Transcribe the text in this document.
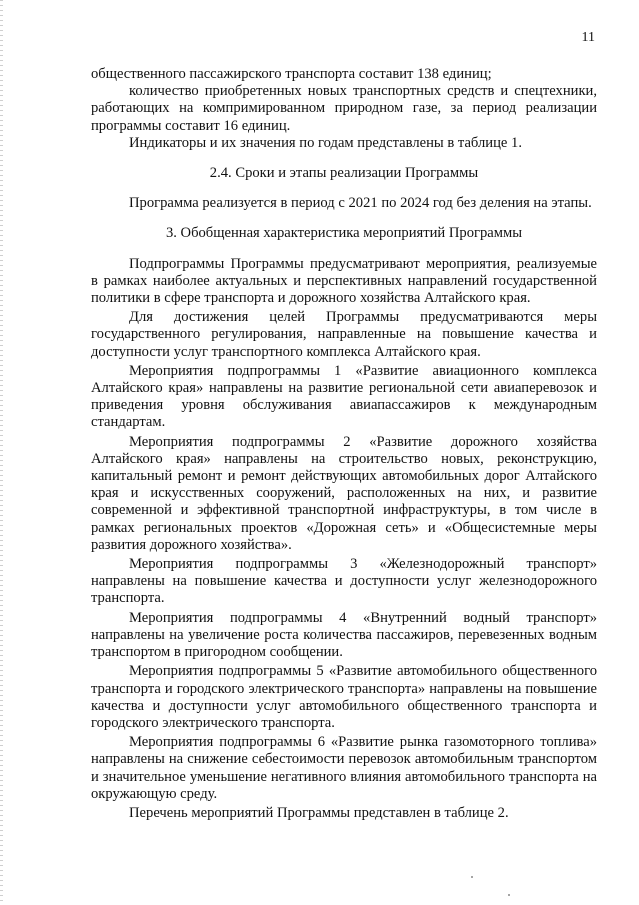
11

общественного пассажирского транспорта составит 138 единиц;

количество приобретенных новых транспортных средств и спецтехники, работающих на компримированном природном газе, за период реализации программы составит 16 единиц.

Индикаторы и их значения по годам представлены в таблице 1.

2.4. Сроки и этапы реализации Программы

Программа реализуется в период с 2021 по 2024 год без деления на этапы.

3. Обобщенная характеристика мероприятий Программы

Подпрограммы Программы предусматривают мероприятия, реализуемые в рамках наиболее актуальных и перспективных направлений государственной политики в сфере транспорта и дорожного хозяйства Алтайского края.

Для достижения целей Программы предусматриваются меры государственного регулирования, направленные на повышение качества и доступности услуг транспортного комплекса Алтайского края.

Мероприятия подпрограммы 1 «Развитие авиационного комплекса Алтайского края» направлены на развитие региональной сети авиаперевозок и приведения уровня обслуживания авиапассажиров к международным стандартам.

Мероприятия подпрограммы 2 «Развитие дорожного хозяйства Алтайского края» направлены на строительство новых, реконструкцию, капитальный ремонт и ремонт действующих автомобильных дорог Алтайского края и искусственных сооружений, расположенных на них, и развитие современной и эффективной транспортной инфраструктуры, в том числе в рамках региональных проектов «Дорожная сеть» и «Общесистемные меры развития дорожного хозяйства».

Мероприятия подпрограммы 3 «Железнодорожный транспорт» направлены на повышение качества и доступности услуг железнодорожного транспорта.

Мероприятия подпрограммы 4 «Внутренний водный транспорт» направлены на увеличение роста количества пассажиров, перевезенных водным транспортом в пригородном сообщении.

Мероприятия подпрограммы 5 «Развитие автомобильного общественного транспорта и городского электрического транспорта» направлены на повышение качества и доступности услуг автомобильного общественного транспорта и городского электрического транспорта.

Мероприятия подпрограммы 6 «Развитие рынка газомоторного топлива» направлены на снижение себестоимости перевозок автомобильным транспортом и значительное уменьшение негативного влияния автомобильного транспорта на окружающую среду.

Перечень мероприятий Программы представлен в таблице 2.
